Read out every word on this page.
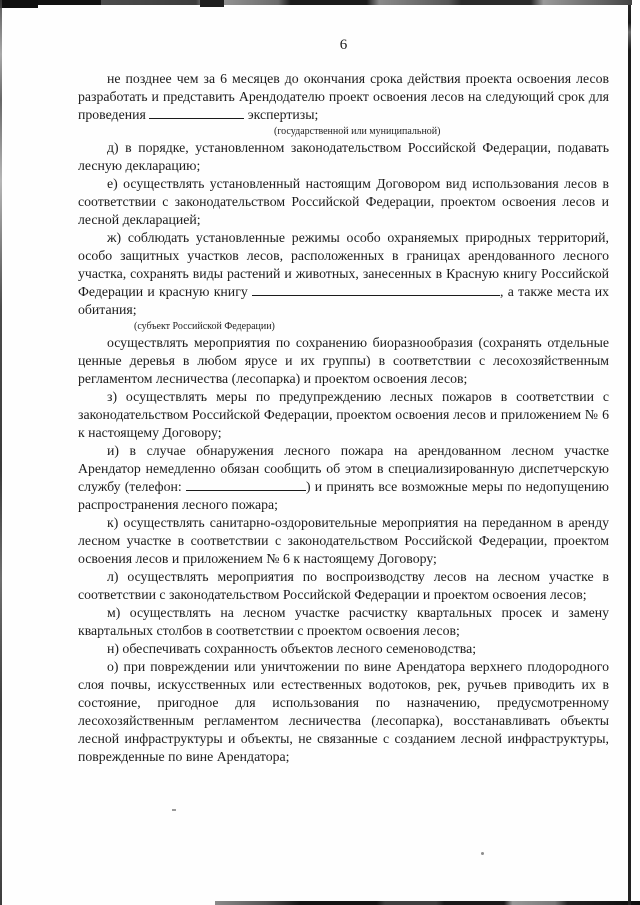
6

не позднее чем за 6 месяцев до окончания срока действия проекта освоения лесов разработать и представить Арендодателю проект освоения лесов на следующий срок для проведения	экспертизы;

(государственной или муниципальной)

д) в порядке, установленном законодательством Российской Федерации, подавать лесную декларацию;

е) осуществлять установленный настоящим Договором вид использования лесов в соответствии с законодательством Российской Федерации, проектом освоения лесов и лесной декларацией;

ж) соблюдать установленные режимы особо охраняемых природных территорий, особо защитных участков лесов, расположенных в границах арендованного лесного участка, сохранять виды растений и животных, занесенных в Красную книгу Российской Федерации и красную книгу	, а также места их обитания;

(субъект Российской Федерации)

осуществлять мероприятия по сохранению биоразнообразия (сохранять отдельные ценные деревья в любом ярусе и их группы) в соответствии с лесохозяйственным регламентом лесничества (лесопарка) и проектом освоения лесов;

з) осуществлять меры по предупреждению лесных пожаров в соответствии с законодательством Российской Федерации, проектом освоения лесов и приложением № 6 к настоящему Договору;

и) в случае обнаружения лесного пожара на арендованном лесном участке Арендатор немедленно обязан сообщить об этом в специализированную диспетчерскую службу (телефон:	) и принять все возможные меры по недопущению распространения лесного пожара;

к) осуществлять санитарно-оздоровительные мероприятия на переданном в аренду лесном участке в соответствии с законодательством Российской Федерации, проектом освоения лесов и приложением № 6 к настоящему Договору;

л) осуществлять мероприятия по воспроизводству лесов на лесном участке в соответствии с законодательством Российской Федерации и проектом освоения лесов;

м) осуществлять на лесном участке расчистку квартальных просек и замену квартальных столбов в соответствии с проектом освоения лесов;

н) обеспечивать сохранность объектов лесного семеноводства;

о) при повреждении или уничтожении по вине Арендатора верхнего плодородного слоя почвы, искусственных или естественных водотоков, рек, ручьев приводить их в состояние, пригодное для использования по назначению, предусмотренному лесохозяйственным регламентом лесничества (лесопарка), восстанавливать объекты лесной инфраструктуры и объекты, не связанные с созданием лесной инфраструктуры, поврежденные по вине Арендатора;
